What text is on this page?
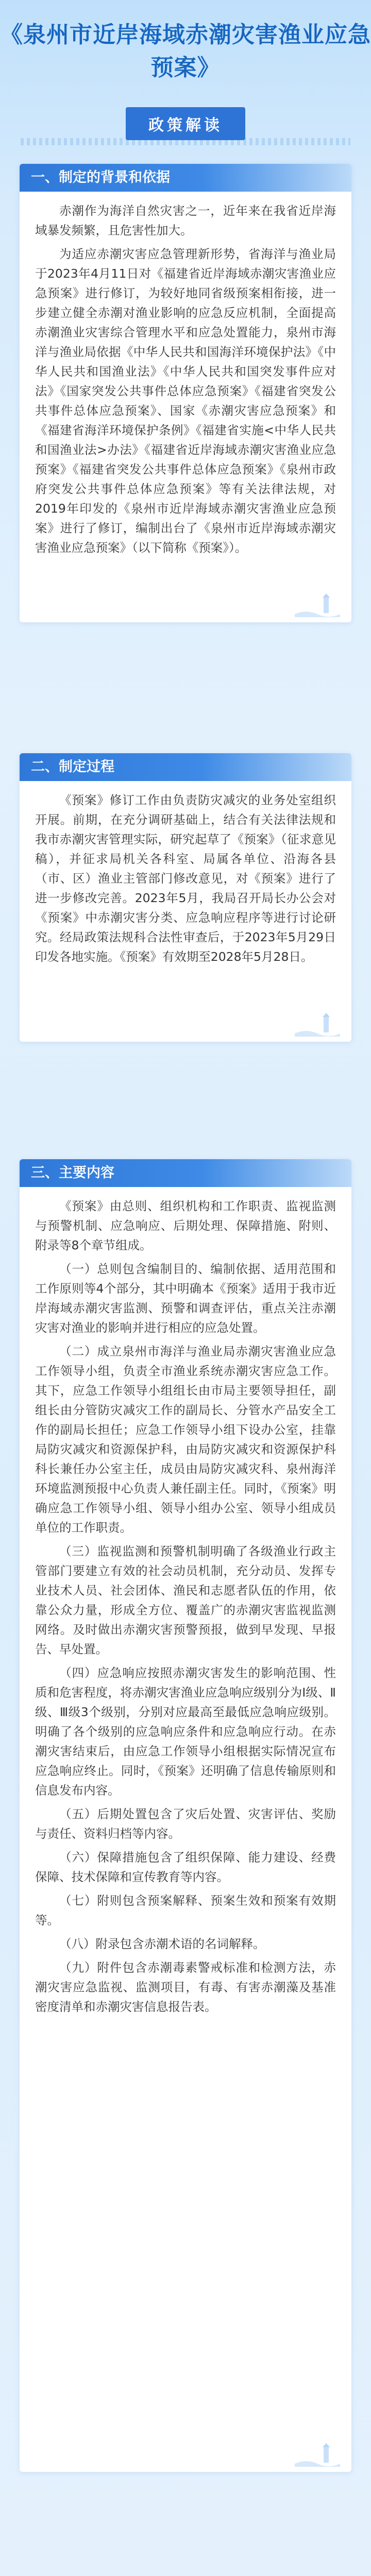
《泉州市近岸海域赤潮灾害渔业应急预案》
政策解读
一、制定的背景和依据

赤潮作为海洋自然灾害之一，近年来在我省近岸海域暴发频繁，且危害性加大。

为适应赤潮灾害应急管理新形势，省海洋与渔业局于2023年4月11日对《福建省近岸海域赤潮灾害渔业应急预案》进行修订，为较好地同省级预案相衔接，进一步建立健全赤潮对渔业影响的应急反应机制，全面提高赤潮渔业灾害综合管理水平和应急处置能力，泉州市海洋与渔业局依据《中华人民共和国海洋环境保护法》《中华人民共和国渔业法》《中华人民共和国突发事件应对法》《国家突发公共事件总体应急预案》《福建省突发公共事件总体应急预案》、国家《赤潮灾害应急预案》和《福建省海洋环境保护条例》《福建省实施<中华人民共和国渔业法>办法》《福建省近岸海域赤潮灾害渔业应急预案》《福建省突发公共事件总体应急预案》《泉州市政府突发公共事件总体应急预案》等有关法律法规，对2019年印发的《泉州市近岸海域赤潮灾害渔业应急预案》进行了修订，编制出台了《泉州市近岸海域赤潮灾害渔业应急预案》（以下简称《预案》）。

二、制定过程

《预案》修订工作由负责防灾减灾的业务处室组织开展。前期，在充分调研基础上，结合有关法律法规和我市赤潮灾害管理实际，研究起草了《预案》（征求意见稿），并征求局机关各科室、局属各单位、沿海各县（市、区）渔业主管部门修改意见，对《预案》进行了进一步修改完善。2023年5月，我局召开局长办公会对《预案》中赤潮灾害分类、应急响应程序等进行讨论研究。经局政策法规科合法性审查后，于2023年5月29日印发各地实施。《预案》有效期至2028年5月28日。

三、主要内容

《预案》由总则、组织机构和工作职责、监视监测与预警机制、应急响应、后期处理、保障措施、附则、附录等8个章节组成。

（一）总则包含编制目的、编制依据、适用范围和工作原则等4个部分，其中明确本《预案》适用于我市近岸海域赤潮灾害监测、预警和调查评估，重点关注赤潮灾害对渔业的影响并进行相应的应急处置。

（二）成立泉州市海洋与渔业局赤潮灾害渔业应急工作领导小组，负责全市渔业系统赤潮灾害应急工作。其下，应急工作领导小组组长由市局主要领导担任，副组长由分管防灾减灾工作的副局长、分管水产品安全工作的副局长担任；应急工作领导小组下设办公室，挂靠局防灾减灾和资源保护科，由局防灾减灾和资源保护科科长兼任办公室主任，成员由局防灾减灾科、泉州海洋环境监测预报中心负责人兼任副主任。同时，《预案》明确应急工作领导小组、领导小组办公室、领导小组成员单位的工作职责。

（三）监视监测和预警机制明确了各级渔业行政主管部门要建立有效的社会动员机制，充分动员、发挥专业技术人员、社会团体、渔民和志愿者队伍的作用，依靠公众力量，形成全方位、覆盖广的赤潮灾害监视监测网络。及时做出赤潮灾害预警预报，做到早发现、早报告、早处置。

（四）应急响应按照赤潮灾害发生的影响范围、性质和危害程度，将赤潮灾害渔业应急响应级别分为Ⅰ级、Ⅱ级、Ⅲ级3个级别，分别对应最高至最低应急响应级别。明确了各个级别的应急响应条件和应急响应行动。在赤潮灾害结束后，由应急工作领导小组根据实际情况宣布应急响应终止。同时，《预案》还明确了信息传输原则和信息发布内容。

（五）后期处置包含了灾后处置、灾害评估、奖励与责任、资料归档等内容。

（六）保障措施包含了组织保障、能力建设、经费保障、技术保障和宣传教育等内容。

（七）附则包含预案解释、预案生效和预案有效期等。

（八）附录包含赤潮术语的名词解释。

（九）附件包含赤潮毒素警戒标准和检测方法，赤潮灾害应急监视、监测项目，有毒、有害赤潮藻及基准密度清单和赤潮灾害信息报告表。
